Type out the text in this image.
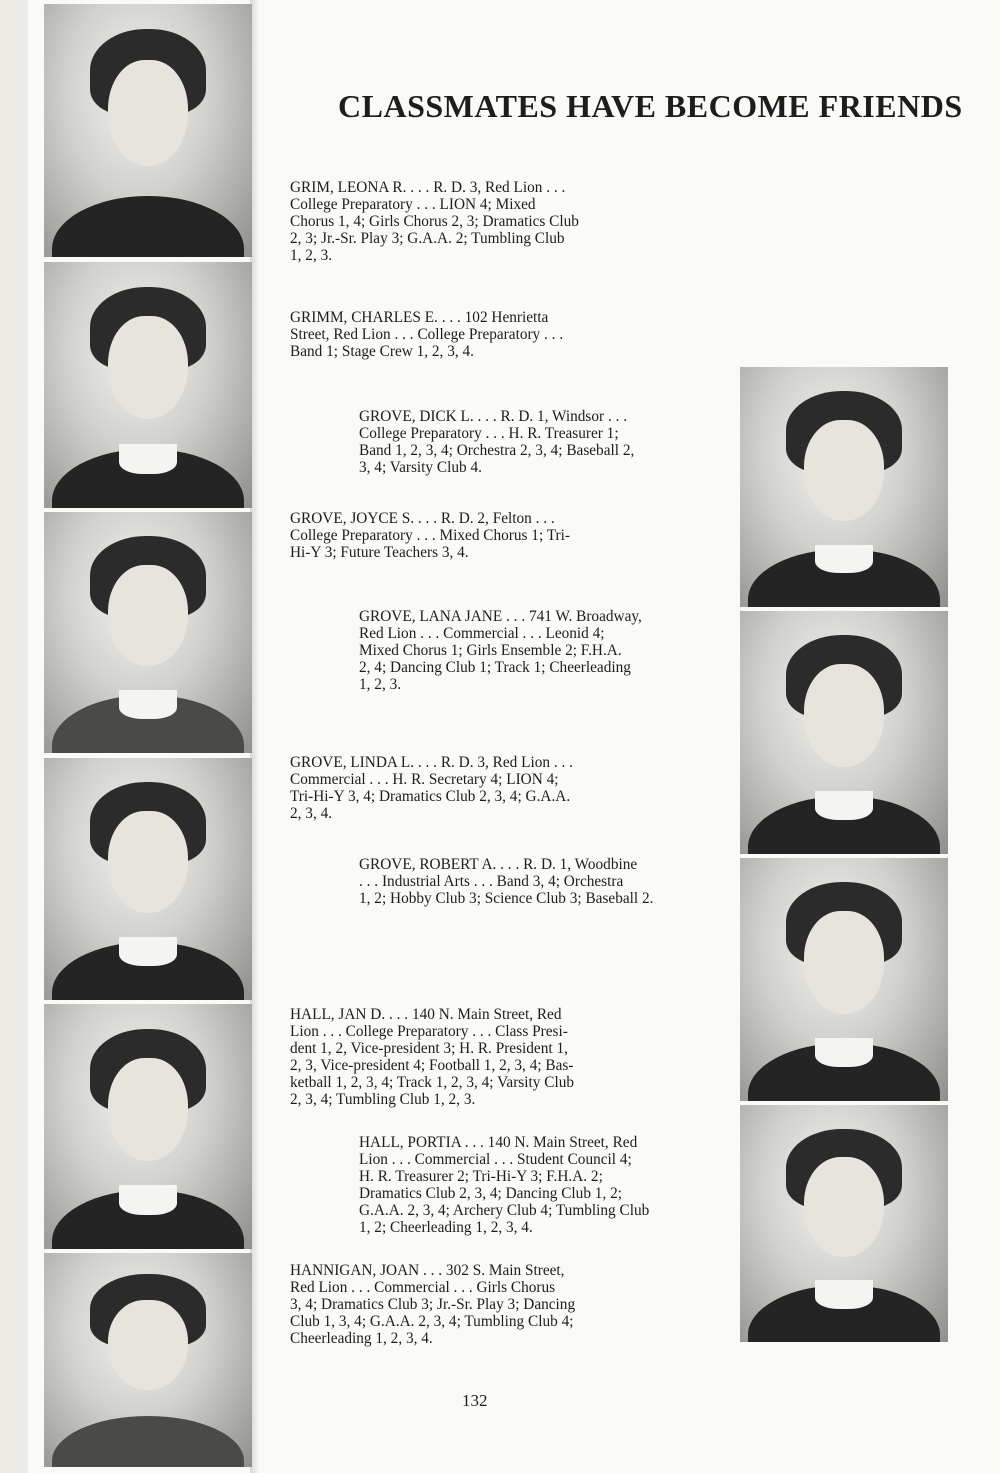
CLASSMATES HAVE BECOME FRIENDS
GRIM, LEONA R. . . . R. D. 3, Red Lion . . .
College Preparatory . . . LION 4; Mixed
Chorus 1, 4; Girls Chorus 2, 3; Dramatics Club
2, 3; Jr.-Sr. Play 3; G.A.A. 2; Tumbling Club
1, 2, 3.
GRIMM, CHARLES E. . . . 102 Henrietta
Street, Red Lion . . . College Preparatory . . .
Band 1; Stage Crew 1, 2, 3, 4.
GROVE, DICK L. . . . R. D. 1, Windsor . . .
College Preparatory . . . H. R. Treasurer 1;
Band 1, 2, 3, 4; Orchestra 2, 3, 4; Baseball 2,
3, 4; Varsity Club 4.
GROVE, JOYCE S. . . . R. D. 2, Felton . . .
College Preparatory . . . Mixed Chorus 1; Tri-
Hi-Y 3; Future Teachers 3, 4.
GROVE, LANA JANE . . . 741 W. Broadway,
Red Lion . . . Commercial . . . Leonid 4;
Mixed Chorus 1; Girls Ensemble 2; F.H.A.
2, 4; Dancing Club 1; Track 1; Cheerleading
1, 2, 3.
GROVE, LINDA L. . . . R. D. 3, Red Lion . . .
Commercial . . . H. R. Secretary 4; LION 4;
Tri-Hi-Y 3, 4; Dramatics Club 2, 3, 4; G.A.A.
2, 3, 4.
GROVE, ROBERT A. . . . R. D. 1, Woodbine
. . . Industrial Arts . . . Band 3, 4; Orchestra
1, 2; Hobby Club 3; Science Club 3; Baseball 2.
HALL, JAN D. . . . 140 N. Main Street, Red
Lion . . . College Preparatory . . . Class Presi-
dent 1, 2, Vice-president 3; H. R. President 1,
2, 3, Vice-president 4; Football 1, 2, 3, 4; Bas-
ketball 1, 2, 3, 4; Track 1, 2, 3, 4; Varsity Club
2, 3, 4; Tumbling Club 1, 2, 3.
HALL, PORTIA . . . 140 N. Main Street, Red
Lion . . . Commercial . . . Student Council 4;
H. R. Treasurer 2; Tri-Hi-Y 3; F.H.A. 2;
Dramatics Club 2, 3, 4; Dancing Club 1, 2;
G.A.A. 2, 3, 4; Archery Club 4; Tumbling Club
1, 2; Cheerleading 1, 2, 3, 4.
HANNIGAN, JOAN . . . 302 S. Main Street,
Red Lion . . . Commercial . . . Girls Chorus
3, 4; Dramatics Club 3; Jr.-Sr. Play 3; Dancing
Club 1, 3, 4; G.A.A. 2, 3, 4; Tumbling Club 4;
Cheerleading 1, 2, 3, 4.
132
